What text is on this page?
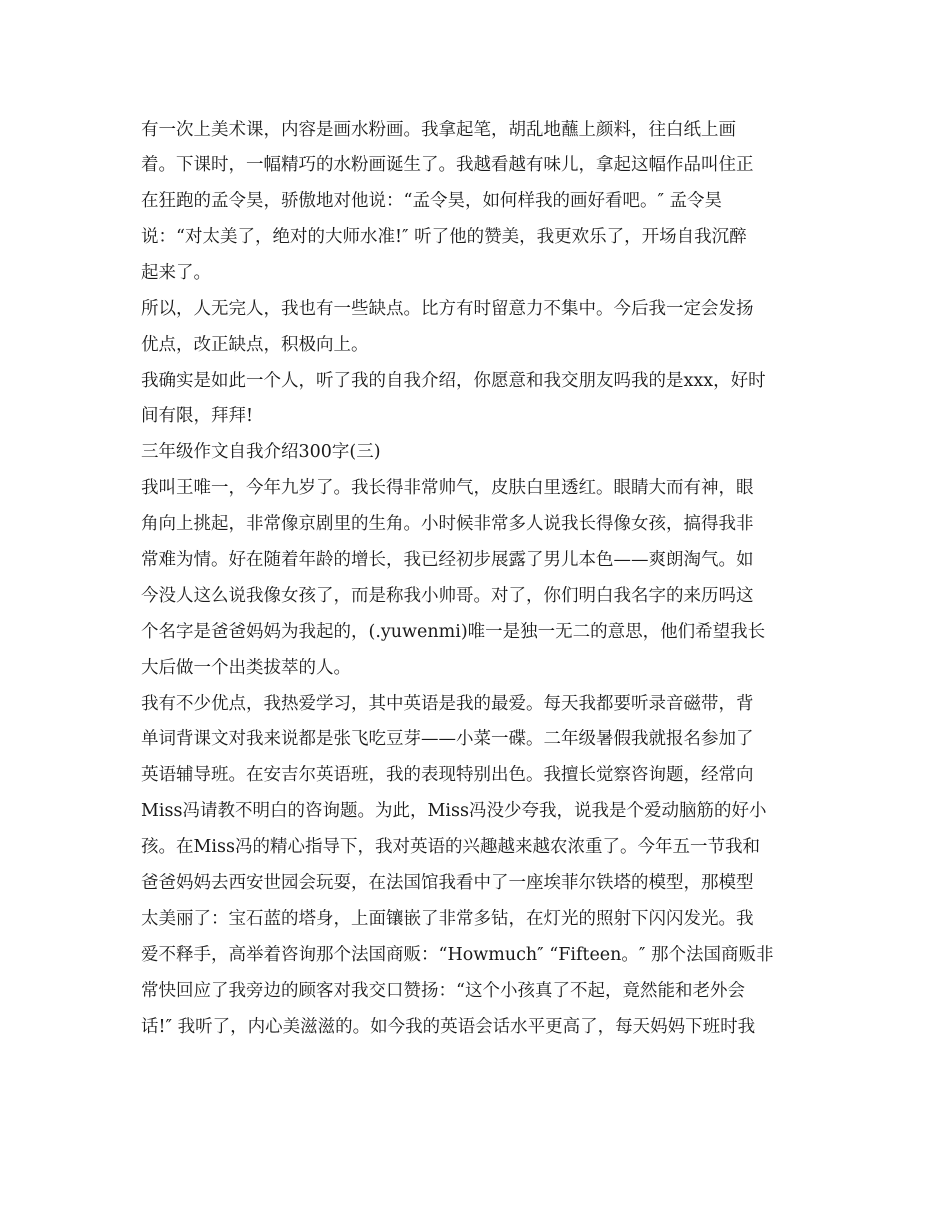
有一次上美术课，内容是画水粉画。我拿起笔，胡乱地蘸上颜料，往白纸上画

着。下课时，一幅精巧的水粉画诞生了。我越看越有味儿，拿起这幅作品叫住正

在狂跑的孟令昊，骄傲地对他说：“孟令昊，如何样我的画好看吧。″ 孟令昊

说：“对太美了，绝对的大师水准!″ 听了他的赞美，我更欢乐了，开场自我沉醉

起来了。

所以，人无完人，我也有一些缺点。比方有时留意力不集中。今后我一定会发扬

优点，改正缺点，积极向上。

我确实是如此一个人，听了我的自我介绍，你愿意和我交朋友吗我的是xxx，好时

间有限，拜拜!

三年级作文自我介绍300字(三)

我叫王唯一，今年九岁了。我长得非常帅气，皮肤白里透红。眼睛大而有神，眼

角向上挑起，非常像京剧里的生角。小时候非常多人说我长得像女孩，搞得我非

常难为情。好在随着年龄的增长，我已经初步展露了男儿本色——爽朗淘气。如

今没人这么说我像女孩了，而是称我小帅哥。对了，你们明白我名字的来历吗这

个名字是爸爸妈妈为我起的，(.yuwenmi)唯一是独一无二的意思，他们希望我长

大后做一个出类拔萃的人。

我有不少优点，我热爱学习，其中英语是我的最爱。每天我都要听录音磁带，背

单词背课文对我来说都是张飞吃豆芽——小菜一碟。二年级暑假我就报名参加了

英语辅导班。在安吉尔英语班，我的表现特别出色。我擅长觉察咨询题，经常向

Miss冯请教不明白的咨询题。为此，Miss冯没少夸我，说我是个爱动脑筋的好小

孩。在Miss冯的精心指导下，我对英语的兴趣越来越农浓重了。今年五一节我和

爸爸妈妈去西安世园会玩耍，在法国馆我看中了一座埃菲尔铁塔的模型，那模型

太美丽了：宝石蓝的塔身，上面镶嵌了非常多钻，在灯光的照射下闪闪发光。我

爱不释手，高举着咨询那个法国商贩：“Howmuch″ “Fifteen。″ 那个法国商贩非

常快回应了我旁边的顾客对我交口赞扬：“这个小孩真了不起，竟然能和老外会

话!″ 我听了，内心美滋滋的。如今我的英语会话水平更高了，每天妈妈下班时我
